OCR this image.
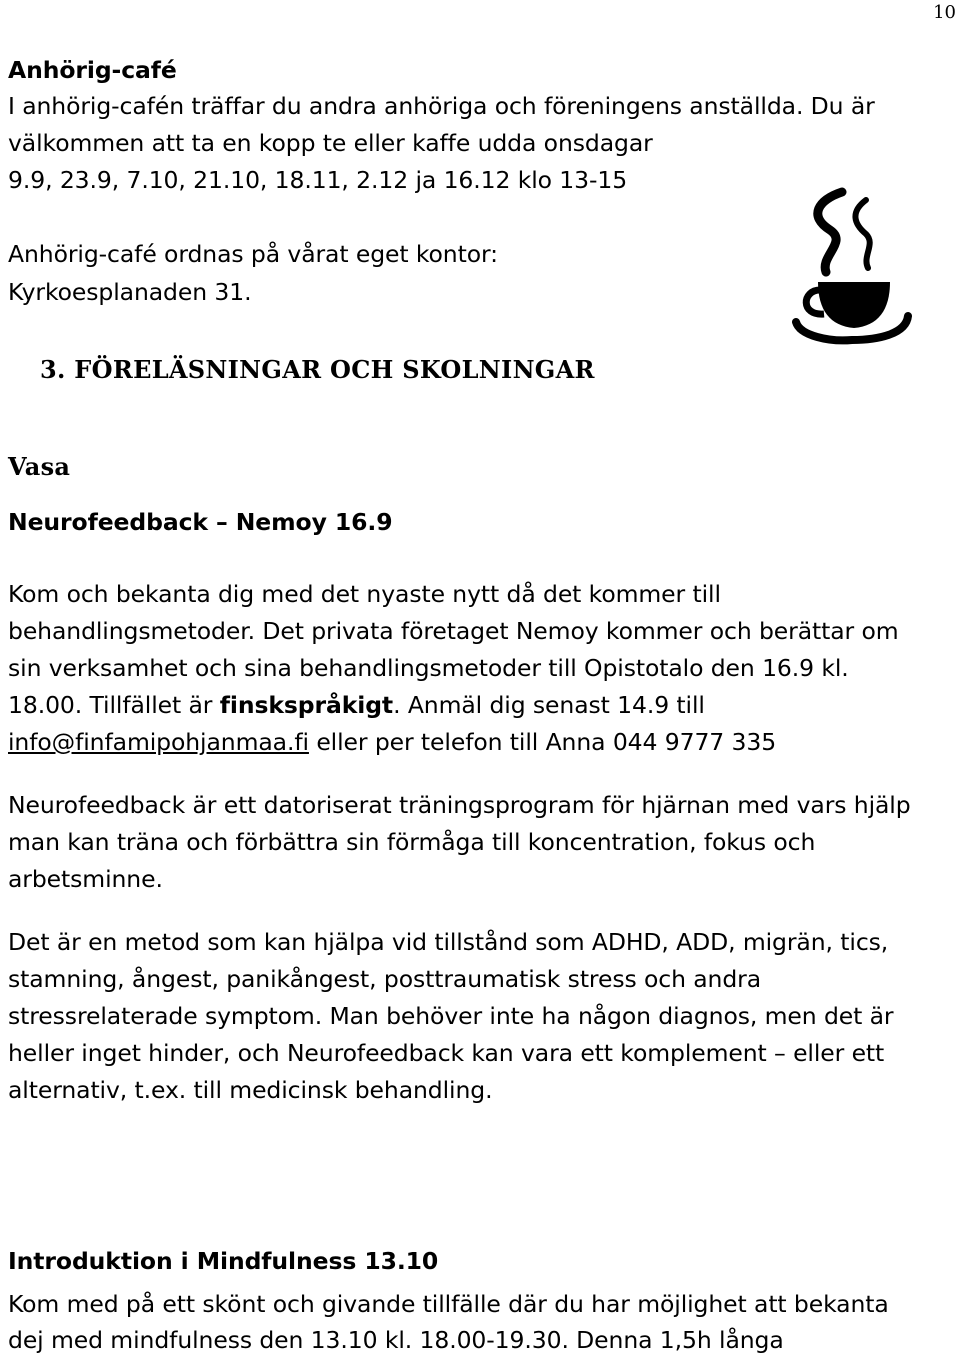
10
Anhörig-café
I anhörig-cafén träffar du andra anhöriga och föreningens anställda. Du är
välkommen att ta en kopp te eller kaffe udda onsdagar
9.9, 23.9, 7.10, 21.10, 18.11, 2.12 ja 16.12 klo 13-15
Anhörig-café ordnas på vårat eget kontor:
Kyrkoesplanaden 31.
3. FÖRELÄSNINGAR OCH SKOLNINGAR
Vasa
Neurofeedback – Nemoy 16.9
Kom och bekanta dig med det nyaste nytt då det kommer till
behandlingsmetoder. Det privata företaget Nemoy kommer och berättar om
sin verksamhet och sina behandlingsmetoder till Opistotalo den 16.9 kl.
18.00. Tillfället är finskspråkigt. Anmäl dig senast 14.9 till
info@finfamipohjanmaa.fi eller per telefon till Anna 044 9777 335
Neurofeedback är ett datoriserat träningsprogram för hjärnan med vars hjälp
man kan träna och förbättra sin förmåga till koncentration, fokus och
arbetsminne.
Det är en metod som kan hjälpa vid tillstånd som ADHD, ADD, migrän, tics,
stamning, ångest, panikångest, posttraumatisk stress och andra
stressrelaterade symptom. Man behöver inte ha någon diagnos, men det är
heller inget hinder, och Neurofeedback kan vara ett komplement – eller ett
alternativ, t.ex. till medicinsk behandling.
Introduktion i Mindfulness 13.10
Kom med på ett skönt och givande tillfälle där du har möjlighet att bekanta
dej med mindfulness den 13.10 kl. 18.00-19.30. Denna 1,5h långa
